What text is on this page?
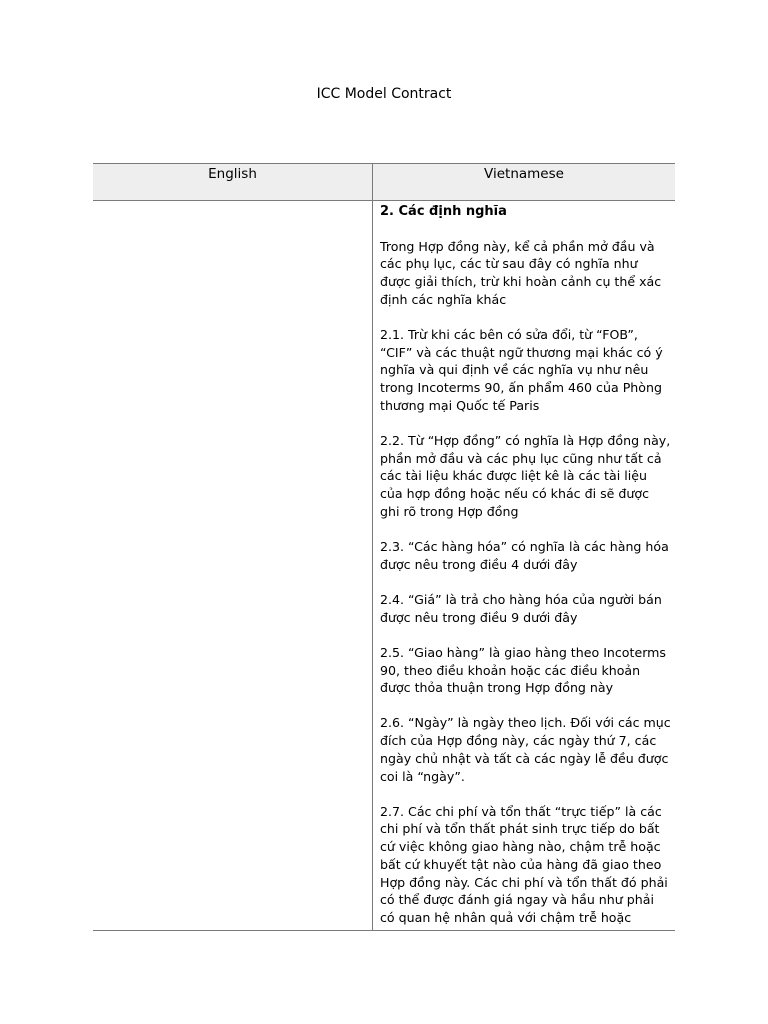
ICC Model Contract
English	Vietnamese
2. Các định nghĩa

Trong Hợp đồng này, kể cả phần mở đầu và các phụ lục, các từ sau đây có nghĩa như được giải thích, trừ khi hoàn cảnh cụ thể xác định các nghĩa khác

2.1. Trừ khi các bên có sửa đổi, từ “FOB”, “CIF” và các thuật ngữ thương mại khác có ý nghĩa và qui định về các nghĩa vụ như nêu trong Incoterms 90, ấn phẩm 460 của Phòng thương mại Quốc tế Paris

2.2. Từ “Hợp đồng” có nghĩa là Hợp đồng này, phần mở đầu và các phụ lục cũng như tất cả các tài liệu khác được liệt kê là các tài liệu của hợp đồng hoặc nếu có khác đi sẽ được ghi rõ trong Hợp đồng

2.3. “Các hàng hóa” có nghĩa là các hàng hóa được nêu trong điều 4 dưới đây

2.4. “Giá” là trả cho hàng hóa của người bán được nêu trong điều 9 dưới đây

2.5. “Giao hàng” là giao hàng theo Incoterms 90, theo điều khoản hoặc các điều khoản được thỏa thuận trong Hợp đồng này

2.6. “Ngày” là ngày theo lịch. Đối với các mục đích của Hợp đồng này, các ngày thứ 7, các ngày chủ nhật và tất cà các ngày lễ đều được coi là “ngày”.

2.7. Các chi phí và tổn thất “trực tiếp” là các chi phí và tổn thất phát sinh trực tiếp do bất cứ việc không giao hàng nào, chậm trễ hoặc bất cứ khuyết tật nào của hàng đã giao theo Hợp đồng này. Các chi phí và tổn thất đó phải có thể được đánh giá ngay và hầu như phải có quan hệ nhân quả với chậm trễ hoặc
